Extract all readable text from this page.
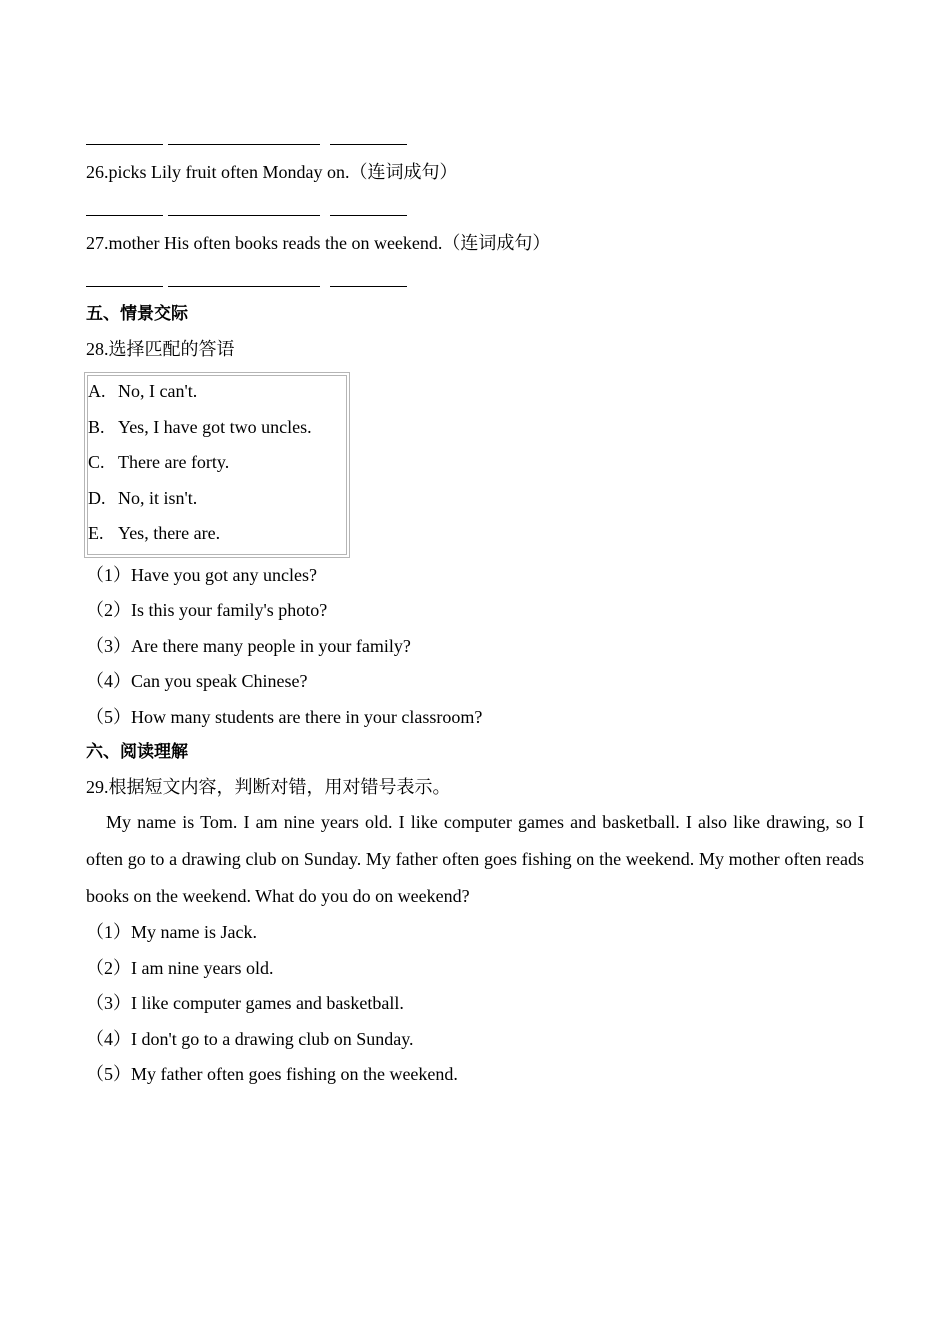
26.picks Lily fruit often Monday on.（连词成句）
27.mother His often books reads the on weekend.（连词成句）
五、情景交际
28.选择匹配的答语
A. No, I can't.
B. Yes, I have got two uncles.
C. There are forty.
D. No, it isn't.
E. Yes, there are.
（1）Have you got any uncles?
（2）Is this your family's photo?
（3）Are there many people in your family?
（4）Can you speak Chinese?
（5）How many students are there in your classroom?
六、阅读理解
29.根据短文内容，判断对错，用对错号表示。
My name is Tom. I am nine years old. I like computer games and basketball. I also like drawing, so I often go to a drawing club on Sunday. My father often goes fishing on the weekend. My mother often reads books on the weekend. What do you do on weekend?
（1）My name is Jack.
（2）I am nine years old.
（3）I like computer games and basketball.
（4）I don't go to a drawing club on Sunday.
（5）My father often goes fishing on the weekend.
